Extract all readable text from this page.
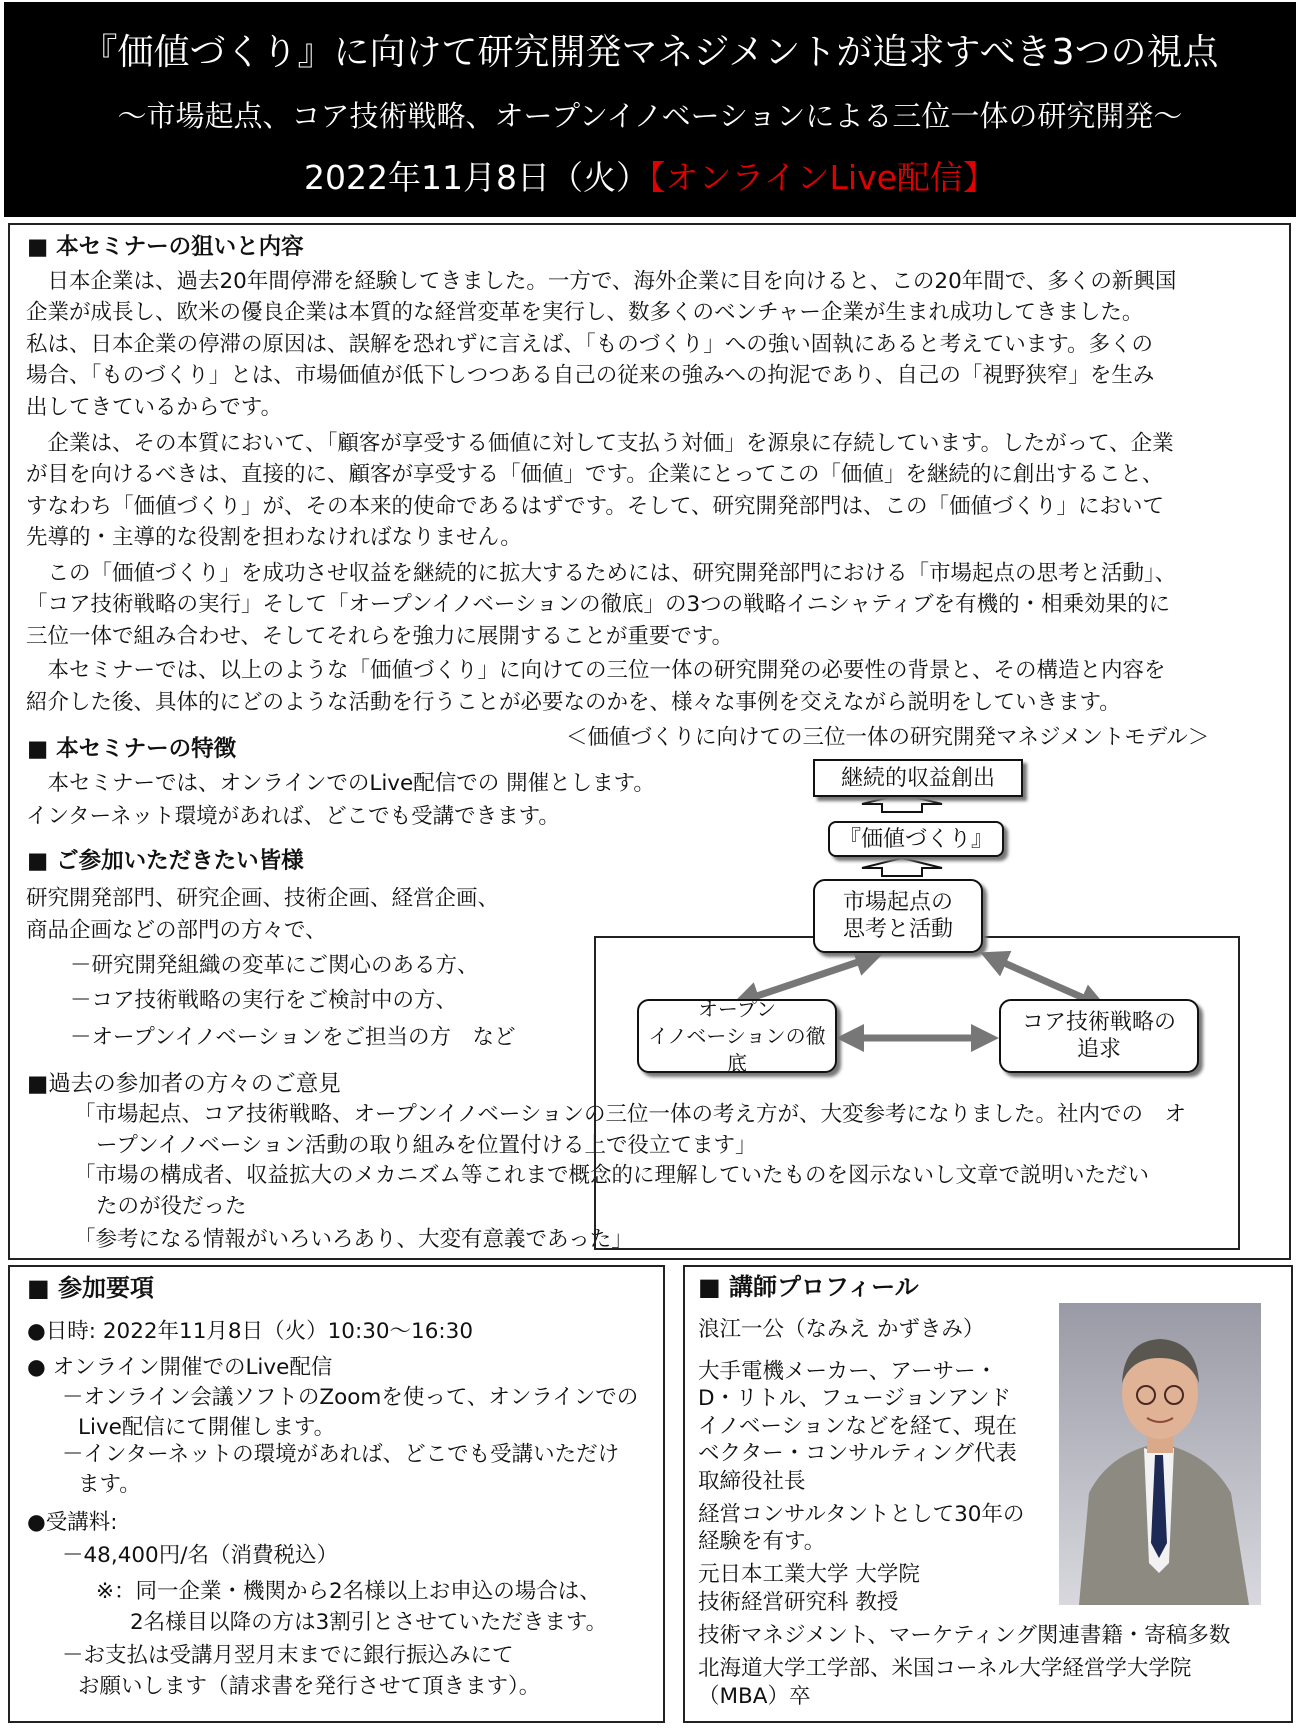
『価値づくり』に向けて研究開発マネジメントが追求すべき3つの視点
～市場起点、コア技術戦略、オープンイノベーションによる三位一体の研究開発～
2022年11月8日（火）【オンラインLive配信】
■ 本セミナーの狙いと内容
　日本企業は、過去20年間停滞を経験してきました。一方で、海外企業に目を向けると、この20年間で、多くの新興国
企業が成長し、欧米の優良企業は本質的な経営変革を実行し、数多くのベンチャー企業が生まれ成功してきました。
私は、日本企業の停滞の原因は、誤解を恐れずに言えば、「ものづくり」への強い固執にあると考えています。多くの
場合、「ものづくり」とは、市場価値が低下しつつある自己の従来の強みへの拘泥であり、自己の「視野狭窄」を生み
出してきているからです。
　企業は、その本質において、「顧客が享受する価値に対して支払う対価」を源泉に存続しています。したがって、企業
が目を向けるべきは、直接的に、顧客が享受する「価値」です。企業にとってこの「価値」を継続的に創出すること、
すなわち「価値づくり」が、その本来的使命であるはずです。そして、研究開発部門は、この「価値づくり」において
先導的・主導的な役割を担わなければなりません。
　この「価値づくり」を成功させ収益を継続的に拡大するためには、研究開発部門における「市場起点の思考と活動」、
「コア技術戦略の実行」そして「オープンイノベーションの徹底」の3つの戦略イニシャティブを有機的・相乗効果的に
三位一体で組み合わせ、そしてそれらを強力に展開することが重要です。
　本セミナーでは、以上のような「価値づくり」に向けての三位一体の研究開発の必要性の背景と、その構造と内容を
紹介した後、具体的にどのような活動を行うことが必要なのかを、様々な事例を交えながら説明をしていきます。
■ 本セミナーの特徴
　本セミナーでは、オンラインでのLive配信での 開催とします。
インターネット環境があれば、どこでも受講できます。
■ ご参加いただきたい皆様
研究開発部門、研究企画、技術企画、経営企画、
商品企画などの部門の方々で、
－研究開発組織の変革にご関心のある方、
－コア技術戦略の実行をご検討中の方、
－オープンイノベーションをご担当の方　など
■過去の参加者の方々のご意見
「市場起点、コア技術戦略、オープンイノベーションの三位一体の考え方が、大変参考になりました。社内での　オ
ープンイノベーション活動の取り組みを位置付ける上で役立てます」
「市場の構成者、収益拡大のメカニズム等これまで概念的に理解していたものを図示ないし文章で説明いただい
たのが役だった
「参考になる情報がいろいろあり、大変有意義であった」
＜価値づくりに向けての三位一体の研究開発マネジメントモデル＞
継続的収益創出
『価値づくり』
市場起点の
思考と活動
オープン
イノベーションの徹底
コア技術戦略の
追求
■ 参加要項
●日時: 2022年11月8日（火）10:30～16:30
● オンライン開催でのLive配信
－オンライン会議ソフトのZoomを使って、オンラインでの
Live配信にて開催します。
－インターネットの環境があれば、どこでも受講いただけ
ます。
●受講料:
－48,400円/名（消費税込）
※：同一企業・機関から2名様以上お申込の場合は、
2名様目以降の方は3割引とさせていただきます。
－お支払は受講月翌月末までに銀行振込みにて
お願いします（請求書を発行させて頂きます）。
■ 講師プロフィール
浪江一公（なみえ かずきみ）
大手電機メーカー、アーサー・
D・リトル、フュージョンアンド
イノベーションなどを経て、現在
ベクター・コンサルティング代表
取締役社長
経営コンサルタントとして30年の
経験を有す。
元日本工業大学 大学院
技術経営研究科 教授
技術マネジメント、マーケティング関連書籍・寄稿多数
北海道大学工学部、米国コーネル大学経営学大学院
（MBA）卒
